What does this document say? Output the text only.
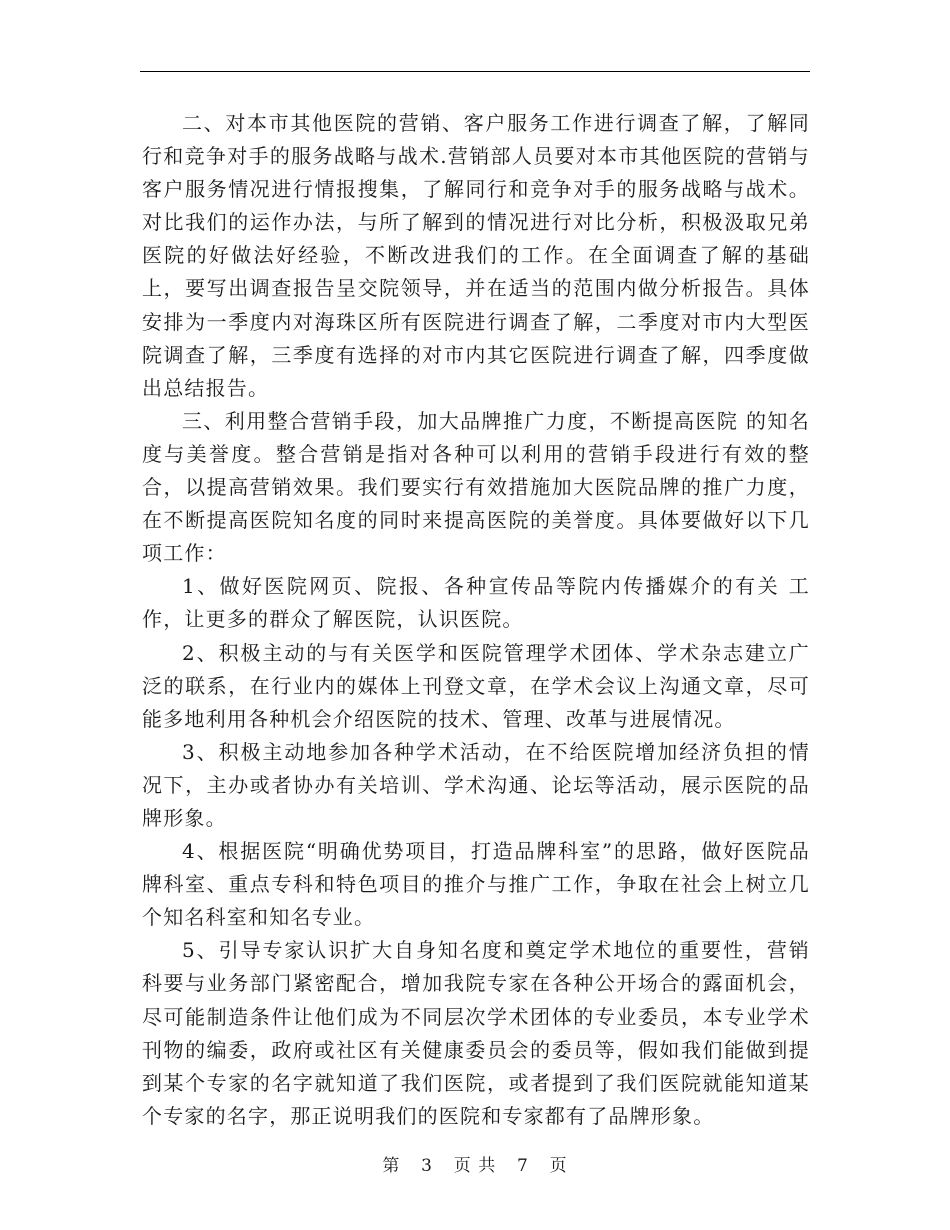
二、对本市其他医院的营销、客户服务工作进行调查了解，了解同行和竞争对手的服务战略与战术.营销部人员要对本市其他医院的营销与客户服务情况进行情报搜集，了解同行和竞争对手的服务战略与战术。对比我们的运作办法，与所了解到的情况进行对比分析，积极汲取兄弟医院的好做法好经验，不断改进我们的工作。在全面调查了解的基础上，要写出调查报告呈交院领导，并在适当的范围内做分析报告。具体安排为一季度内对海珠区所有医院进行调查了解，二季度对市内大型医院调查了解，三季度有选择的对市内其它医院进行调查了解，四季度做出总结报告。

三、利用整合营销手段，加大品牌推广力度，不断提高医院 的知名度与美誉度。整合营销是指对各种可以利用的营销手段进行有效的整合，以提高营销效果。我们要实行有效措施加大医院品牌的推广力度，在不断提高医院知名度的同时来提高医院的美誉度。具体要做好以下几项工作：

1、做好医院网页、院报、各种宣传品等院内传播媒介的有关 工作，让更多的群众了解医院，认识医院。

2、积极主动的与有关医学和医院管理学术团体、学术杂志建立广泛的联系，在行业内的媒体上刊登文章，在学术会议上沟通文章，尽可能多地利用各种机会介绍医院的技术、管理、改革与进展情况。

3、积极主动地参加各种学术活动，在不给医院增加经济负担的情况下，主办或者协办有关培训、学术沟通、论坛等活动，展示医院的品牌形象。

4、根据医院“明确优势项目，打造品牌科室”的思路，做好医院品牌科室、重点专科和特色项目的推介与推广工作，争取在社会上树立几个知名科室和知名专业。

5、引导专家认识扩大自身知名度和奠定学术地位的重要性，营销科要与业务部门紧密配合，增加我院专家在各种公开场合的露面机会，尽可能制造条件让他们成为不同层次学术团体的专业委员，本专业学术刊物的编委，政府或社区有关健康委员会的委员等，假如我们能做到提到某个专家的名字就知道了我们医院，或者提到了我们医院就能知道某个专家的名字，那正说明我们的医院和专家都有了品牌形象。

第 3 页 共 7 页
